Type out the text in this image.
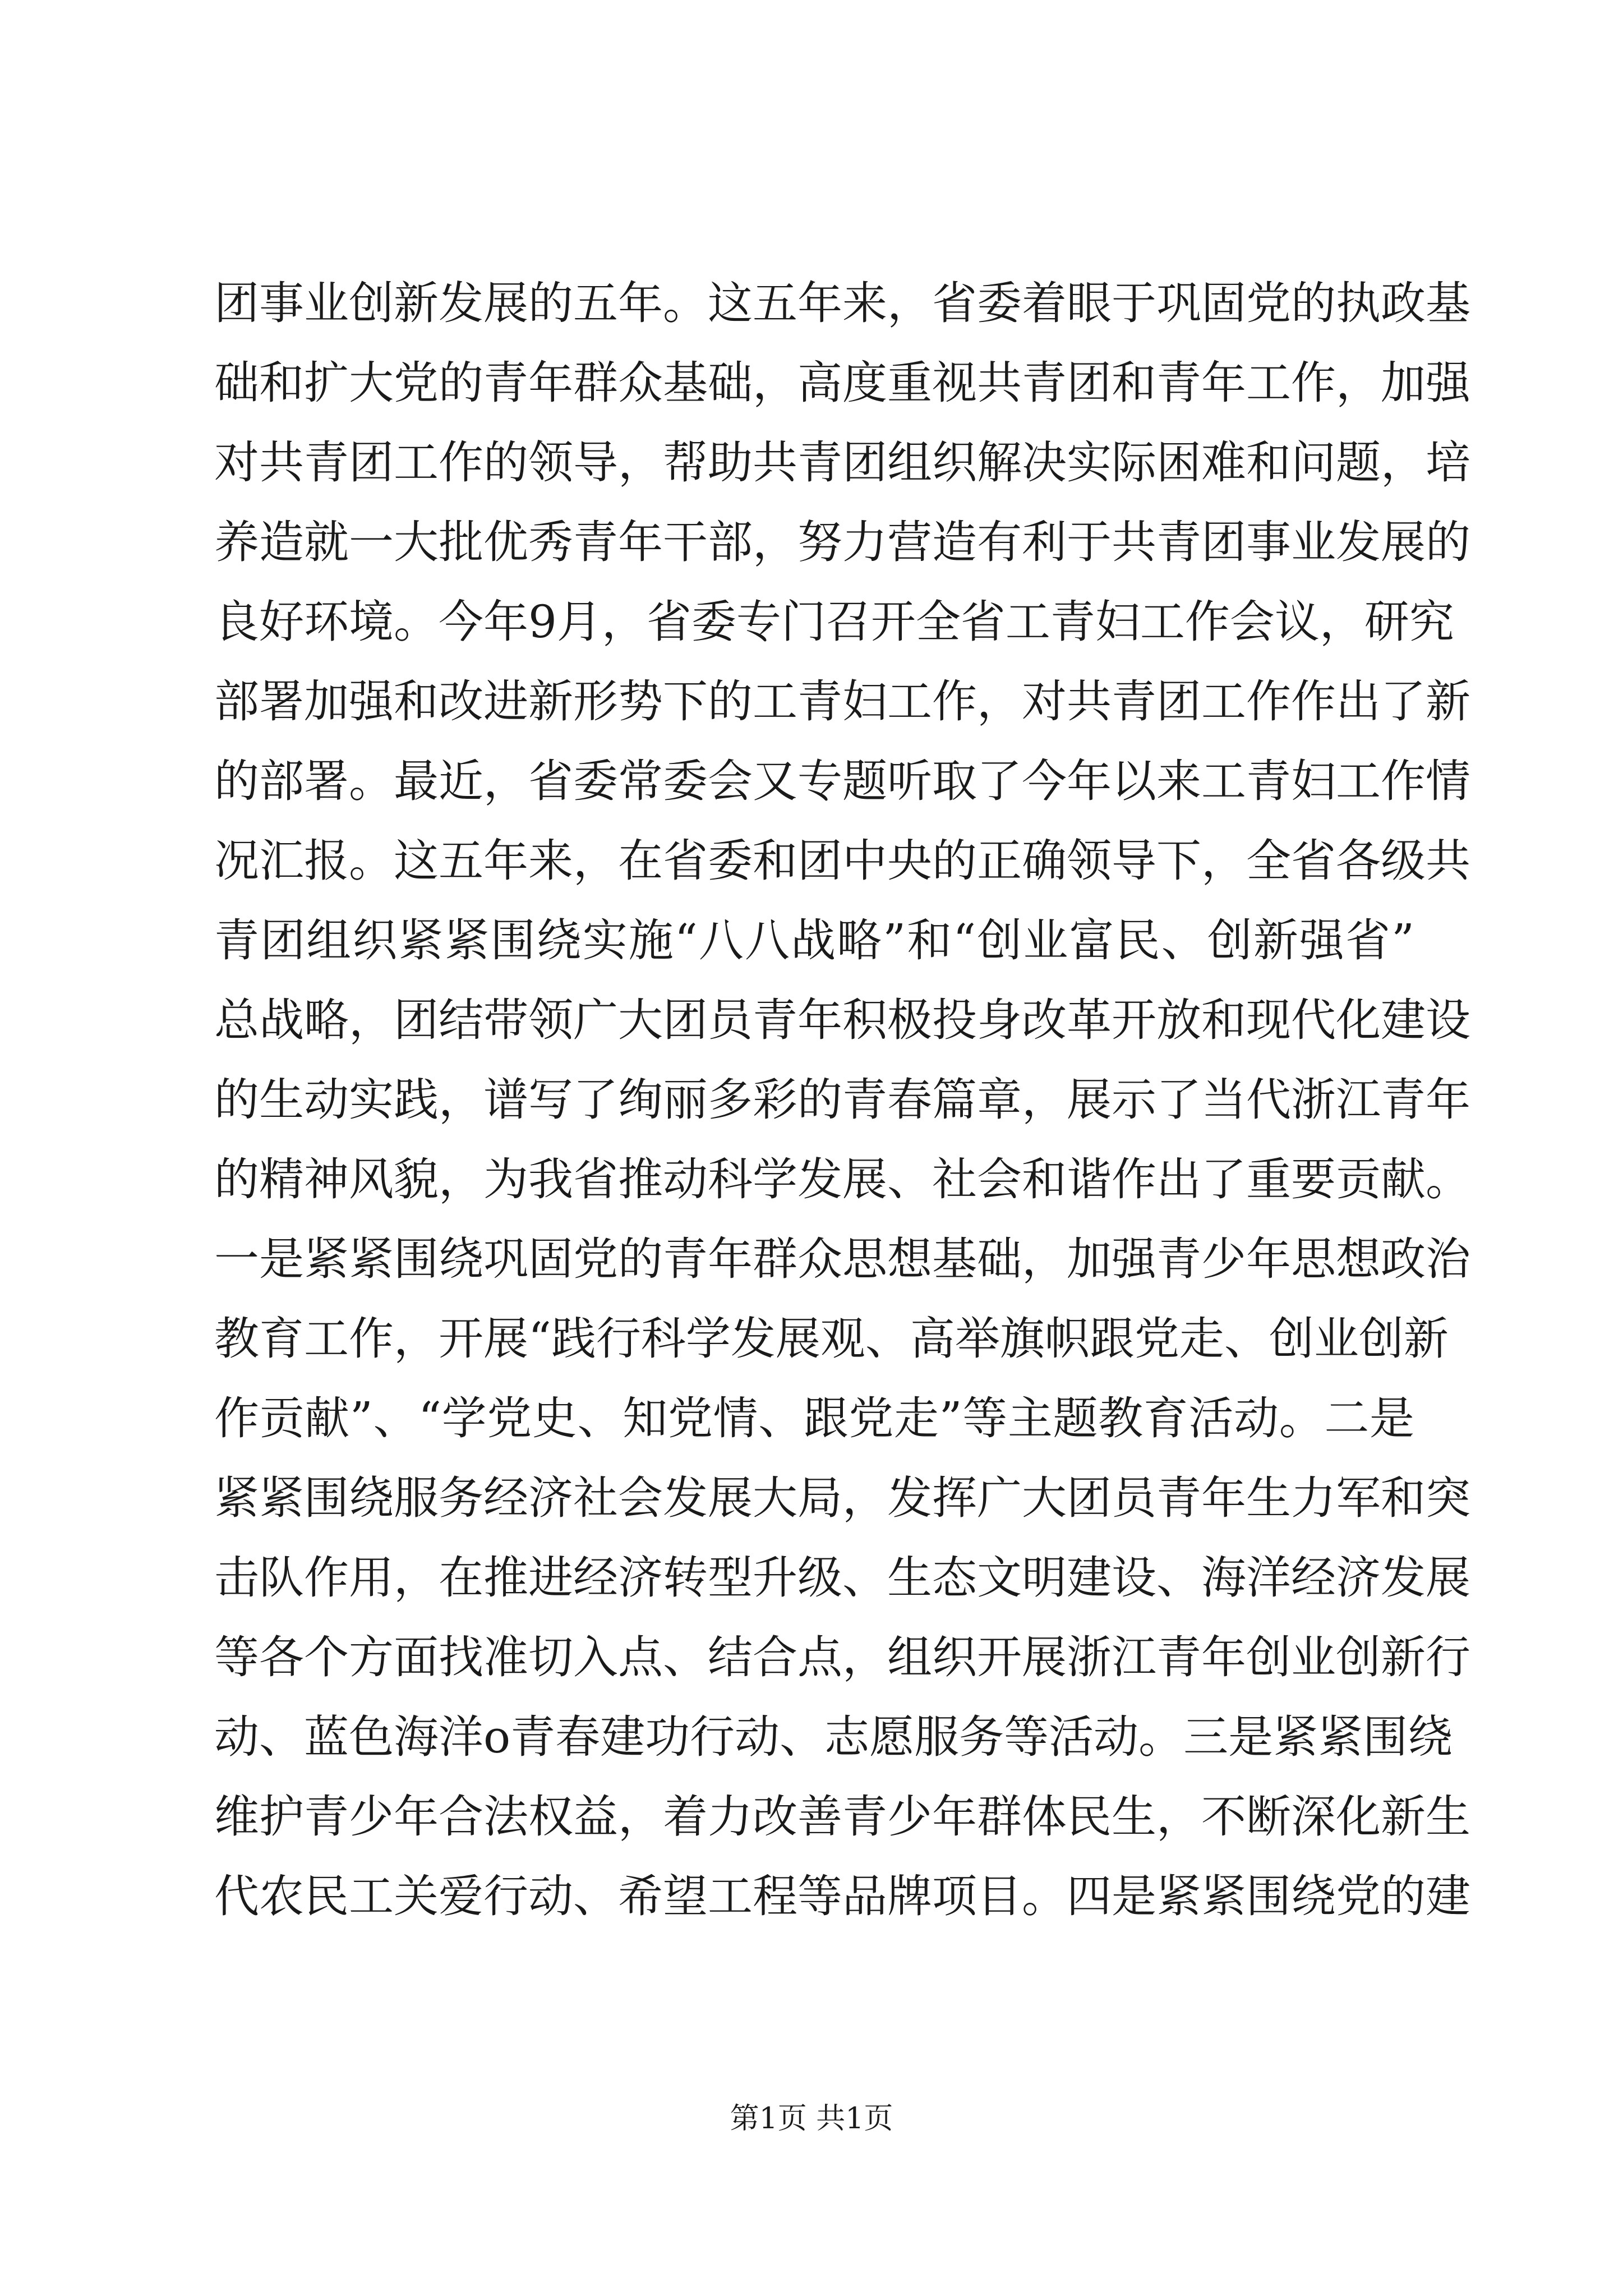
团事业创新发展的五年。这五年来，省委着眼于巩固党的执政基
础和扩大党的青年群众基础，高度重视共青团和青年工作，加强
对共青团工作的领导，帮助共青团组织解决实际困难和问题，培
养造就一大批优秀青年干部，努力营造有利于共青团事业发展的
良好环境。今年9月，省委专门召开全省工青妇工作会议，研究
部署加强和改进新形势下的工青妇工作，对共青团工作作出了新
的部署。最近，省委常委会又专题听取了今年以来工青妇工作情
况汇报。这五年来，在省委和团中央的正确领导下，全省各级共
青团组织紧紧围绕实施“八八战略”和“创业富民、创新强省”
总战略，团结带领广大团员青年积极投身改革开放和现代化建设
的生动实践，谱写了绚丽多彩的青春篇章，展示了当代浙江青年
的精神风貌，为我省推动科学发展、社会和谐作出了重要贡献。
一是紧紧围绕巩固党的青年群众思想基础，加强青少年思想政治
教育工作，开展“践行科学发展观、高举旗帜跟党走、创业创新
作贡献”、“学党史、知党情、跟党走”等主题教育活动。二是
紧紧围绕服务经济社会发展大局，发挥广大团员青年生力军和突
击队作用，在推进经济转型升级、生态文明建设、海洋经济发展
等各个方面找准切入点、结合点，组织开展浙江青年创业创新行
动、蓝色海洋o青春建功行动、志愿服务等活动。三是紧紧围绕
维护青少年合法权益，着力改善青少年群体民生，不断深化新生
代农民工关爱行动、希望工程等品牌项目。四是紧紧围绕党的建
第1页 共1页
